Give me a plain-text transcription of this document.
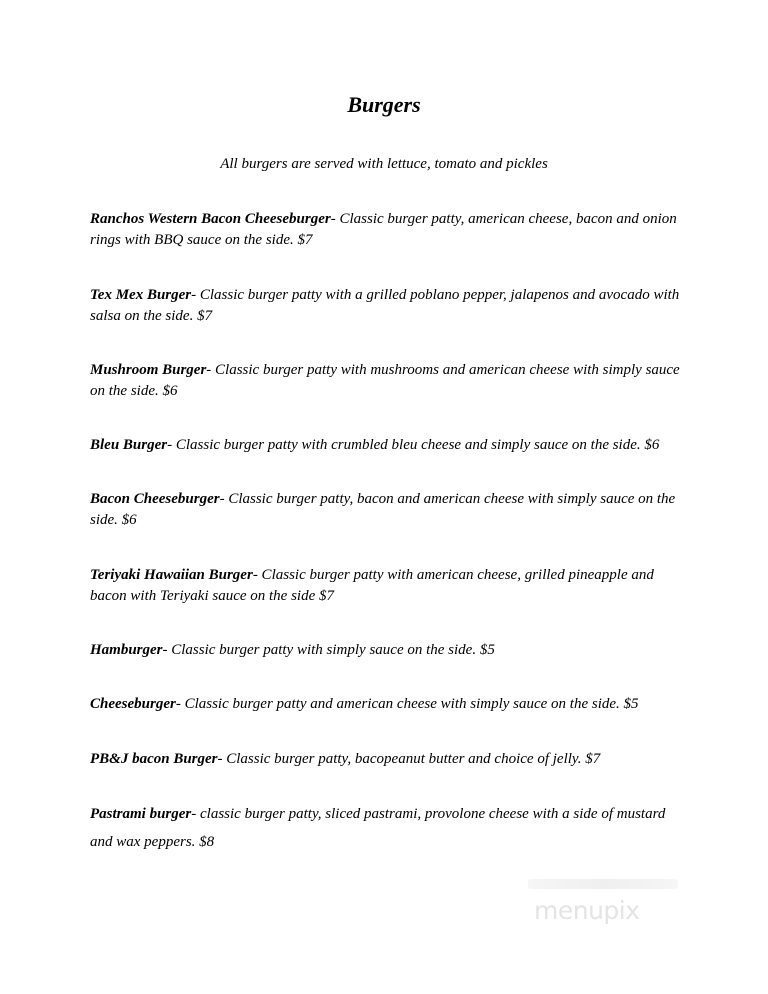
Burgers

All burgers are served with lettuce, tomato and pickles

Ranchos Western Bacon Cheeseburger- Classic burger patty, american cheese, bacon and onion rings with BBQ sauce on the side. $7

Tex Mex Burger- Classic burger patty with a grilled poblano pepper, jalapenos and avocado with salsa on the side. $7

Mushroom Burger- Classic burger patty with mushrooms and american cheese with simply sauce on the side. $6

Bleu Burger- Classic burger patty with crumbled bleu cheese and simply sauce on the side. $6

Bacon Cheeseburger- Classic burger patty, bacon and american cheese with simply sauce on the side. $6

Teriyaki Hawaiian Burger- Classic burger patty with american cheese, grilled pineapple and bacon with Teriyaki sauce on the side $7

Hamburger- Classic burger patty with simply sauce on the side. $5

Cheeseburger- Classic burger patty and american cheese with simply sauce on the side. $5

PB&J bacon Burger- Classic burger patty, bacopeanut butter and choice of jelly. $7

Pastrami burger- classic burger patty, sliced pastrami, provolone cheese with a side of mustard and wax peppers. $8

menupix
